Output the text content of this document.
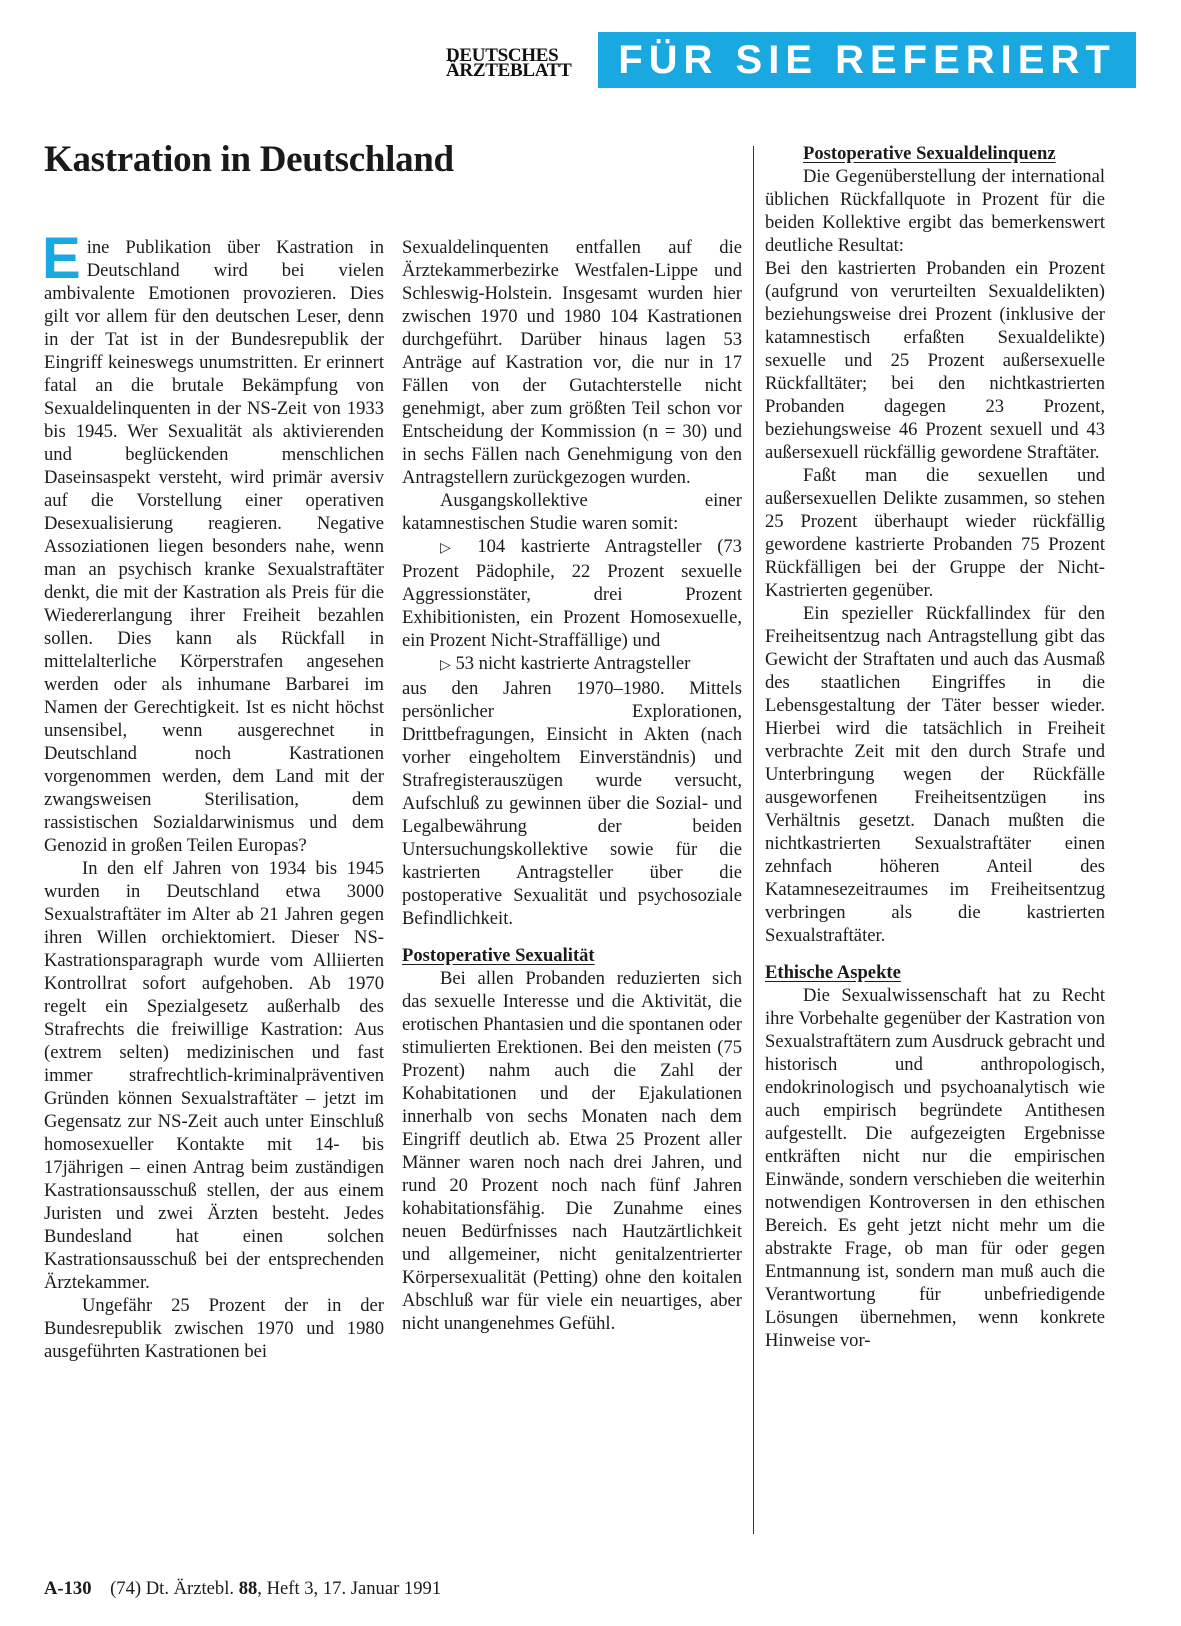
DEUTSCHES
ÄRZTEBLATT	FÜR SIE REFERIERT
Kastration in Deutschland

Eine Publikation über Kastration in Deutschland wird bei vielen ambivalente Emotionen provozieren. Dies gilt vor allem für den deutschen Leser, denn in der Tat ist in der Bundesrepublik der Eingriff keineswegs unumstritten. Er erinnert fatal an die brutale Bekämpfung von Sexualdelinquenten in der NS-Zeit von 1933 bis 1945. Wer Sexualität als aktivierenden und beglückenden menschlichen Daseinsaspekt versteht, wird primär aversiv auf die Vorstellung einer operativen Desexualisierung reagieren. Negative Assoziationen liegen besonders nahe, wenn man an psychisch kranke Sexualstraftäter denkt, die mit der Kastration als Preis für die Wiedererlangung ihrer Freiheit bezahlen sollen. Dies kann als Rückfall in mittelalterliche Körperstrafen angesehen werden oder als inhumane Barbarei im Namen der Gerechtigkeit. Ist es nicht höchst unsensibel, wenn ausgerechnet in Deutschland noch Kastrationen vorgenommen werden, dem Land mit der zwangsweisen Sterilisation, dem rassistischen Sozialdarwinismus und dem Genozid in großen Teilen Europas?

In den elf Jahren von 1934 bis 1945 wurden in Deutschland etwa 3000 Sexualstraftäter im Alter ab 21 Jahren gegen ihren Willen orchiektomiert. Dieser NS-Kastrationsparagraph wurde vom Alliierten Kontrollrat sofort aufgehoben. Ab 1970 regelt ein Spezialgesetz außerhalb des Strafrechts die freiwillige Kastration: Aus (extrem selten) medizinischen und fast immer strafrechtlich-kriminalpräventiven Gründen können Sexualstraftäter – jetzt im Gegensatz zur NS-Zeit auch unter Einschluß homosexueller Kontakte mit 14- bis 17jährigen – einen Antrag beim zuständigen Kastrationsausschuß stellen, der aus einem Juristen und zwei Ärzten besteht. Jedes Bundesland hat einen solchen Kastrationsausschuß bei der entsprechenden Ärztekammer.

Ungefähr 25 Prozent der in der Bundesrepublik zwischen 1970 und 1980 ausgeführten Kastrationen bei

Sexualdelinquenten entfallen auf die Ärztekammerbezirke Westfalen-Lippe und Schleswig-Holstein. Insgesamt wurden hier zwischen 1970 und 1980 104 Kastrationen durchgeführt. Darüber hinaus lagen 53 Anträge auf Kastration vor, die nur in 17 Fällen von der Gutachterstelle nicht genehmigt, aber zum größten Teil schon vor Entscheidung der Kommission (n = 30) und in sechs Fällen nach Genehmigung von den Antragstellern zurückgezogen wurden.

Ausgangskollektive einer katamnestischen Studie waren somit:

▷ 104 kastrierte Antragsteller (73 Prozent Pädophile, 22 Prozent sexuelle Aggressionstäter, drei Prozent Exhibitionisten, ein Prozent Homosexuelle, ein Prozent Nicht-Straffällige) und

▷ 53 nicht kastrierte Antragsteller

aus den Jahren 1970–1980. Mittels persönlicher Explorationen, Drittbefragungen, Einsicht in Akten (nach vorher eingeholtem Einverständnis) und Strafregisterauszügen wurde versucht, Aufschluß zu gewinnen über die Sozial- und Legalbewährung der beiden Untersuchungskollektive sowie für die kastrierten Antragsteller über die postoperative Sexualität und psychosoziale Befindlichkeit.

Postoperative Sexualität

Bei allen Probanden reduzierten sich das sexuelle Interesse und die Aktivität, die erotischen Phantasien und die spontanen oder stimulierten Erektionen. Bei den meisten (75 Prozent) nahm auch die Zahl der Kohabitationen und der Ejakulationen innerhalb von sechs Monaten nach dem Eingriff deutlich ab. Etwa 25 Prozent aller Männer waren noch nach drei Jahren, und rund 20 Prozent noch nach fünf Jahren kohabitationsfähig. Die Zunahme eines neuen Bedürfnisses nach Hautzärtlichkeit und allgemeiner, nicht genitalzentrierter Körpersexualität (Petting) ohne den koitalen Abschluß war für viele ein neuartiges, aber nicht unangenehmes Gefühl.

Postoperative Sexualdelinquenz

Die Gegenüberstellung der international üblichen Rückfallquote in Prozent für die beiden Kollektive ergibt das bemerkenswert deutliche Resultat:

Bei den kastrierten Probanden ein Prozent (aufgrund von verurteilten Sexualdelikten) beziehungsweise drei Prozent (inklusive der katamnestisch erfaßten Sexualdelikte) sexuelle und 25 Prozent außersexuelle Rückfalltäter; bei den nichtkastrierten Probanden dagegen 23 Prozent, beziehungsweise 46 Prozent sexuell und 43 außersexuell rückfällig gewordene Straftäter.

Faßt man die sexuellen und außersexuellen Delikte zusammen, so stehen 25 Prozent überhaupt wieder rückfällig gewordene kastrierte Probanden 75 Prozent Rückfälligen bei der Gruppe der Nicht-Kastrierten gegenüber.

Ein spezieller Rückfallindex für den Freiheitsentzug nach Antragstellung gibt das Gewicht der Straftaten und auch das Ausmaß des staatlichen Eingriffes in die Lebensgestaltung der Täter besser wieder. Hierbei wird die tatsächlich in Freiheit verbrachte Zeit mit den durch Strafe und Unterbringung wegen der Rückfälle ausgeworfenen Freiheitsentzügen ins Verhältnis gesetzt. Danach mußten die nichtkastrierten Sexualstraftäter einen zehnfach höheren Anteil des Katamnesezeitraumes im Freiheitsentzug verbringen als die kastrierten Sexualstraftäter.

Ethische Aspekte

Die Sexualwissenschaft hat zu Recht ihre Vorbehalte gegenüber der Kastration von Sexualstraftätern zum Ausdruck gebracht und historisch und anthropologisch, endokrinologisch und psychoanalytisch wie auch empirisch begründete Antithesen aufgestellt. Die aufgezeigten Ergebnisse entkräften nicht nur die empirischen Einwände, sondern verschieben die weiterhin notwendigen Kontroversen in den ethischen Bereich. Es geht jetzt nicht mehr um die abstrakte Frage, ob man für oder gegen Entmannung ist, sondern man muß auch die Verantwortung für unbefriedigende Lösungen übernehmen, wenn konkrete Hinweise vor-

A-130 (74) Dt. Ärztebl. 88, Heft 3, 17. Januar 1991
